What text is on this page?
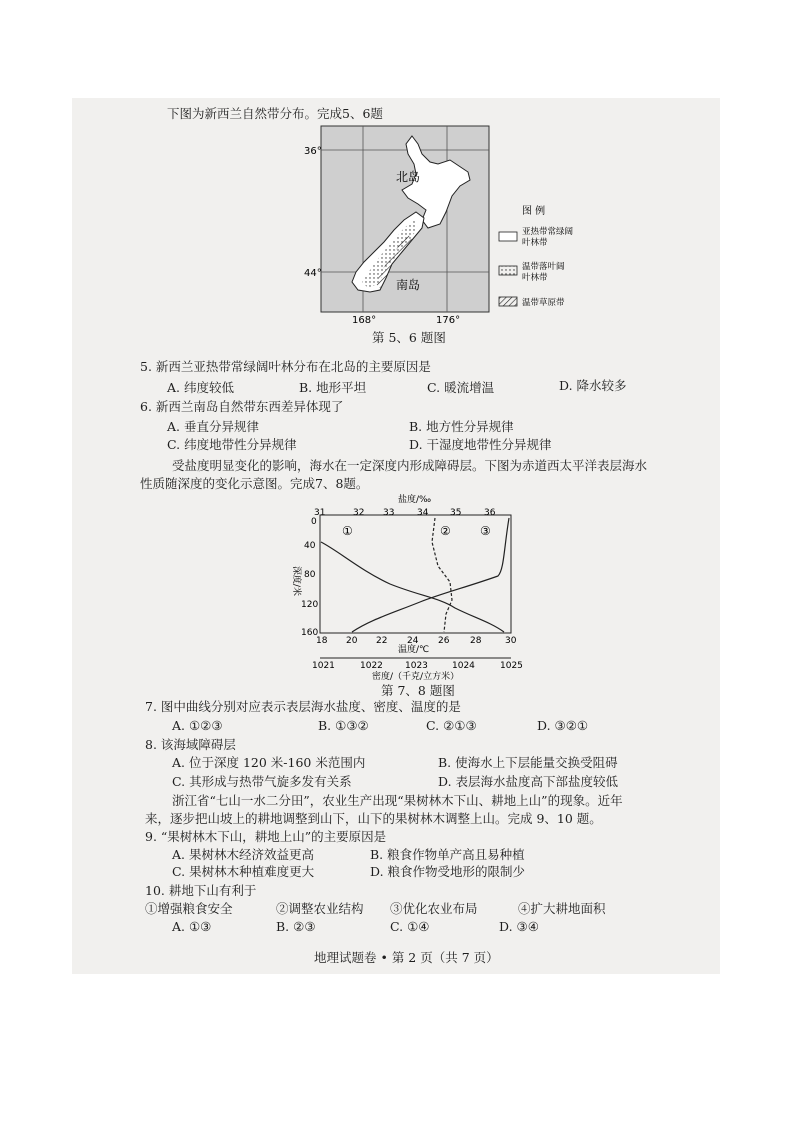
下图为新西兰自然带分布。完成5、6题
36°
44°
168°	176°
北岛
南岛
图 例
亚热带常绿阔
叶林带
温带落叶阔
叶林带
温带草原带
第 5、6 题图
5. 新西兰亚热带常绿阔叶林分布在北岛的主要原因是
A. 纬度较低	B. 地形平坦	C. 暖流增温	D. 降水较多
6. 新西兰南岛自然带东西差异体现了
A. 垂直分异规律	B. 地方性分异规律
C. 纬度地带性分异规律	D. 干湿度地带性分异规律
受盐度明显变化的影响，海水在一定深度内形成障碍层。下图为赤道西太平洋表层海水
性质随深度的变化示意图。完成7、8题。
盐度/‰
31	32 33	34 35	36
深度/米
0
40
80
120
160
①	② ③
18 20 22 24 26 28	30
温度/℃
1021	1022 1023	1024	1025
密度/（千克/立方米）
第 7、8 题图
7. 图中曲线分别对应表示表层海水盐度、密度、温度的是
A. ①②③	B. ①③②	C. ②①③	D. ③②①
8. 该海域障碍层
A. 位于深度 120 米-160 米范围内	B. 使海水上下层能量交换受阻碍
C. 其形成与热带气旋多发有关系	D. 表层海水盐度高下部盐度较低
浙江省“七山一水二分田”，农业生产出现“果树林木下山、耕地上山”的现象。近年
来，逐步把山坡上的耕地调整到山下，山下的果树林木调整上山。完成 9、10 题。
9. “果树林木下山，耕地上山”的主要原因是
A. 果树林木经济效益更高	B. 粮食作物单产高且易种植
C. 果树林木种植难度更大	D. 粮食作物受地形的限制少
10. 耕地下山有利于
①增强粮食安全	②调整农业结构 ③优化农业布局	④扩大耕地面积
A. ①③	B. ②③	C. ①④	D. ③④
地理试题卷 • 第 2 页（共 7 页）
